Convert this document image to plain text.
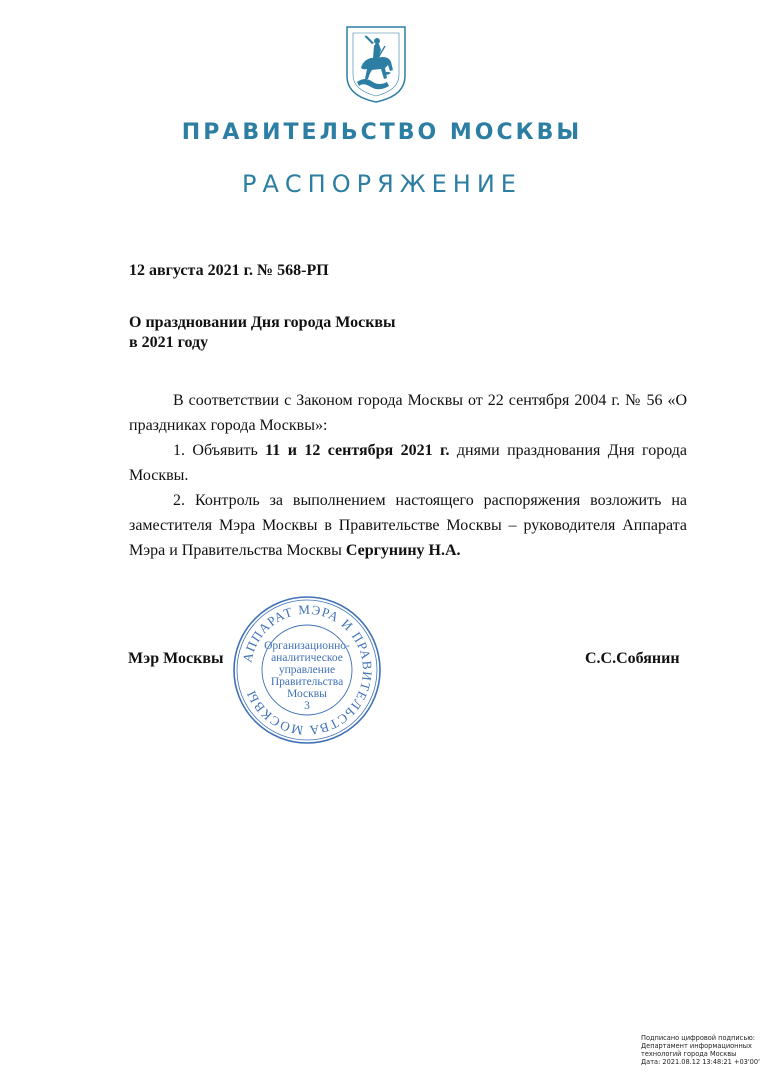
ПРАВИТЕЛЬСТВО МОСКВЫ
РАСПОРЯЖЕНИЕ
12 августа 2021 г. № 568-РП
О праздновании Дня города Москвы
в 2021 году

В соответствии с Законом города Москвы от 22 сентября 2004 г. № 56 «О праздниках города Москвы»:

1. Объявить 11 и 12 сентября 2021 г. днями празднования Дня города Москвы.

2. Контроль за выполнением настоящего распоряжения возложить на заместителя Мэра Москвы в Правительстве Москвы – руководителя Аппарата Мэра и Правительства Москвы Сергунину Н.А.

Мэр Москвы	С.С.Собянин
АППАРАТ МЭРА И ПРАВИТЕЛЬСТВА МОСКВЫ
Организационно-
аналитическое
управление
Правительства
Москвы
3
Подписано цифровой подписью:
Департамент информационных
технологий города Москвы
Дата: 2021.08.12 13:48:21 +03'00'
